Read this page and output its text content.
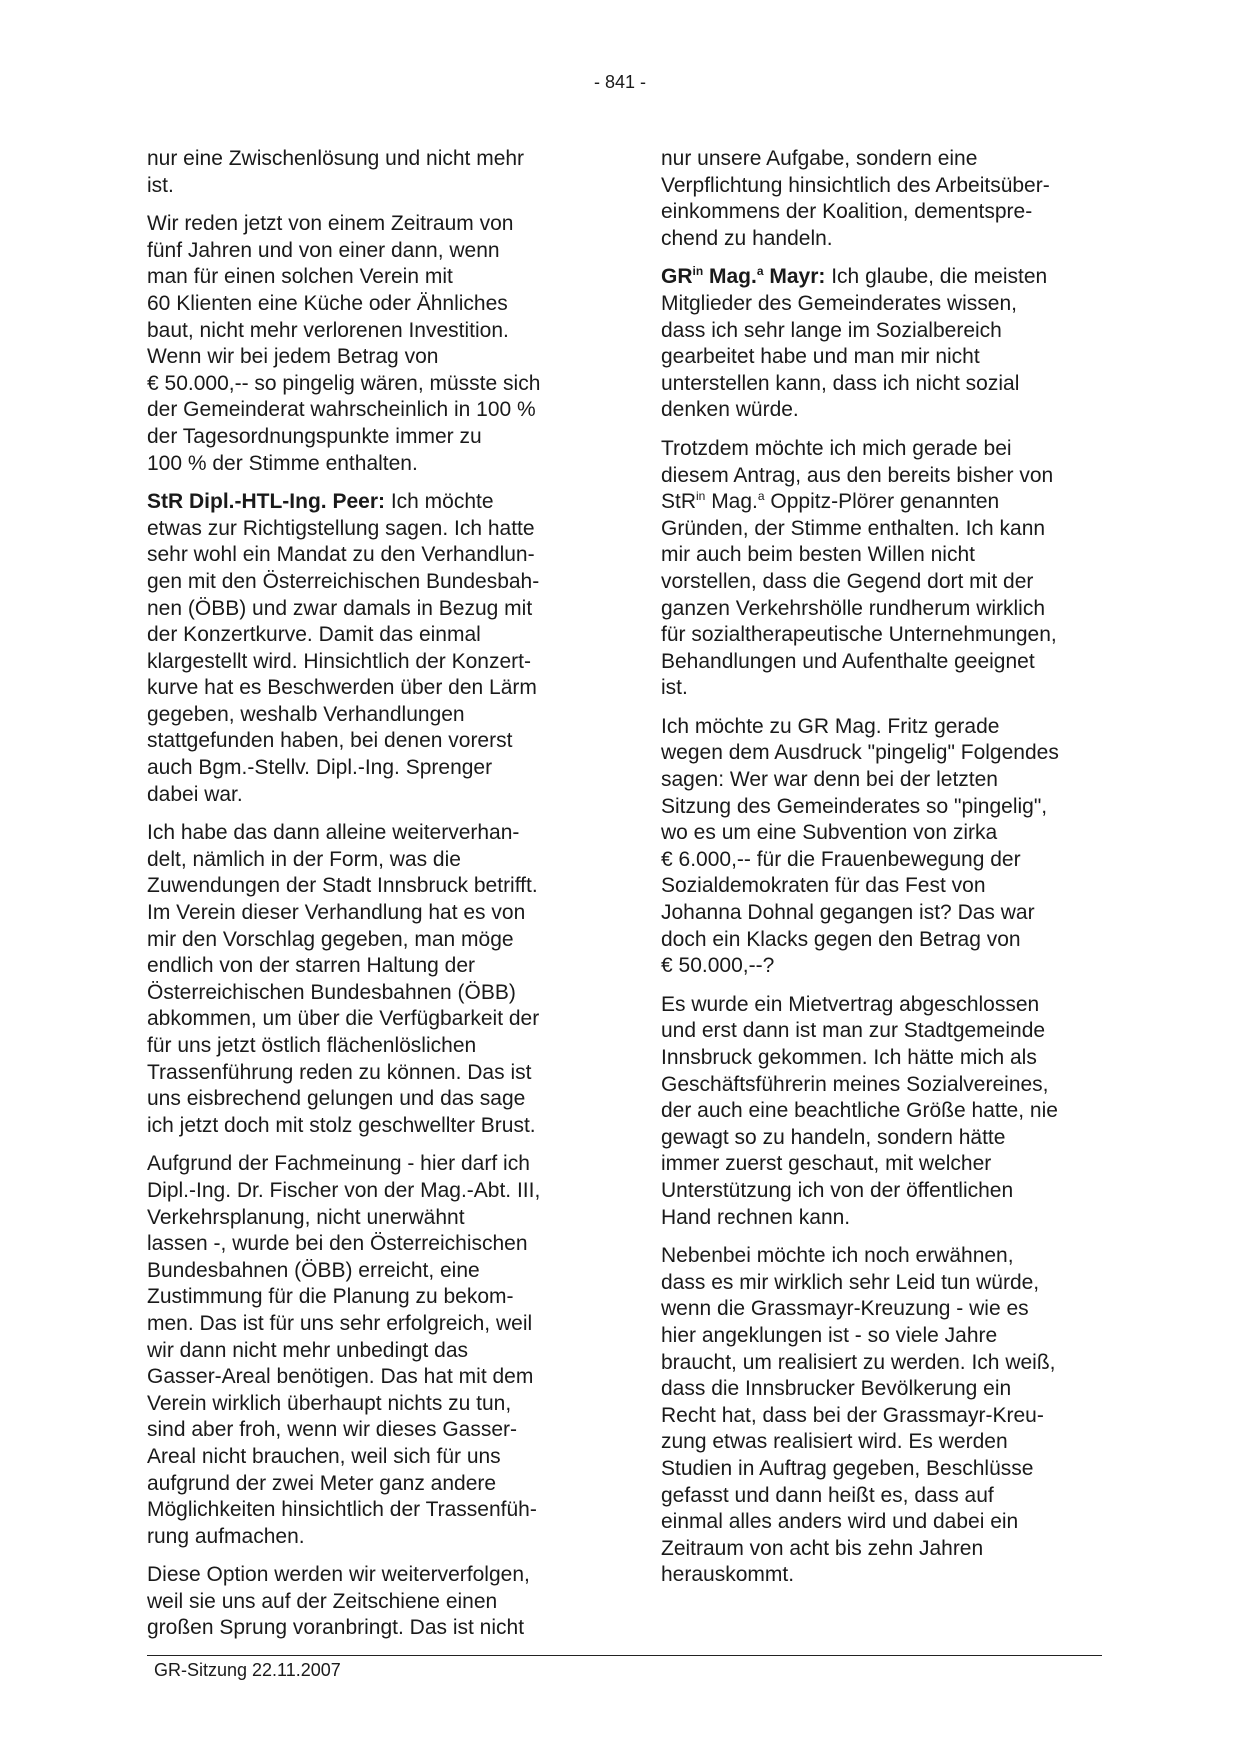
- 841 -

nur eine Zwischenlösung und nicht mehr
ist.

Wir reden jetzt von einem Zeitraum von
fünf Jahren und von einer dann, wenn
man für einen solchen Verein mit
60 Klienten eine Küche oder Ähnliches
baut, nicht mehr verlorenen Investition.
Wenn wir bei jedem Betrag von
€ 50.000,-- so pingelig wären, müsste sich
der Gemeinderat wahrscheinlich in 100 %
der Tagesordnungspunkte immer zu
100 % der Stimme enthalten.

StR Dipl.-HTL-Ing. Peer: Ich möchte
etwas zur Richtigstellung sagen. Ich hatte
sehr wohl ein Mandat zu den Verhandlun-
gen mit den Österreichischen Bundesbah-
nen (ÖBB) und zwar damals in Bezug mit
der Konzertkurve. Damit das einmal
klargestellt wird. Hinsichtlich der Konzert-
kurve hat es Beschwerden über den Lärm
gegeben, weshalb Verhandlungen
stattgefunden haben, bei denen vorerst
auch Bgm.-Stellv. Dipl.-Ing. Sprenger
dabei war.

Ich habe das dann alleine weiterverhan-
delt, nämlich in der Form, was die
Zuwendungen der Stadt Innsbruck betrifft.
Im Verein dieser Verhandlung hat es von
mir den Vorschlag gegeben, man möge
endlich von der starren Haltung der
Österreichischen Bundesbahnen (ÖBB)
abkommen, um über die Verfügbarkeit der
für uns jetzt östlich flächenlöslichen
Trassenführung reden zu können. Das ist
uns eisbrechend gelungen und das sage
ich jetzt doch mit stolz geschwellter Brust.

Aufgrund der Fachmeinung - hier darf ich
Dipl.-Ing. Dr. Fischer von der Mag.-Abt. III,
Verkehrsplanung, nicht unerwähnt
lassen -, wurde bei den Österreichischen
Bundesbahnen (ÖBB) erreicht, eine
Zustimmung für die Planung zu bekom-
men. Das ist für uns sehr erfolgreich, weil
wir dann nicht mehr unbedingt das
Gasser-Areal benötigen. Das hat mit dem
Verein wirklich überhaupt nichts zu tun,
sind aber froh, wenn wir dieses Gasser-
Areal nicht brauchen, weil sich für uns
aufgrund der zwei Meter ganz andere
Möglichkeiten hinsichtlich der Trassenfüh-
rung aufmachen.

Diese Option werden wir weiterverfolgen,
weil sie uns auf der Zeitschiene einen
großen Sprung voranbringt. Das ist nicht

nur unsere Aufgabe, sondern eine
Verpflichtung hinsichtlich des Arbeitsüber-
einkommens der Koalition, dementspre-
chend zu handeln.

$GR^{in}$ Mag.$^a$ Mayr: Ich glaube, die meisten
Mitglieder des Gemeinderates wissen,
dass ich sehr lange im Sozialbereich
gearbeitet habe und man mir nicht
unterstellen kann, dass ich nicht sozial
denken würde.

Trotzdem möchte ich mich gerade bei
diesem Antrag, aus den bereits bisher von
StR$^{in}$ Mag.$^a$ Oppitz-Plörer genannten
Gründen, der Stimme enthalten. Ich kann
mir auch beim besten Willen nicht
vorstellen, dass die Gegend dort mit der
ganzen Verkehrshölle rundherum wirklich
für sozialtherapeutische Unternehmungen,
Behandlungen und Aufenthalte geeignet
ist.

Ich möchte zu GR Mag. Fritz gerade
wegen dem Ausdruck "pingelig" Folgendes
sagen: Wer war denn bei der letzten
Sitzung des Gemeinderates so "pingelig",
wo es um eine Subvention von zirka
€ 6.000,-- für die Frauenbewegung der
Sozialdemokraten für das Fest von
Johanna Dohnal gegangen ist? Das war
doch ein Klacks gegen den Betrag von
€ 50.000,--?

Es wurde ein Mietvertrag abgeschlossen
und erst dann ist man zur Stadtgemeinde
Innsbruck gekommen. Ich hätte mich als
Geschäftsführerin meines Sozialvereines,
der auch eine beachtliche Größe hatte, nie
gewagt so zu handeln, sondern hätte
immer zuerst geschaut, mit welcher
Unterstützung ich von der öffentlichen
Hand rechnen kann.

Nebenbei möchte ich noch erwähnen,
dass es mir wirklich sehr Leid tun würde,
wenn die Grassmayr-Kreuzung - wie es
hier angeklungen ist - so viele Jahre
braucht, um realisiert zu werden. Ich weiß,
dass die Innsbrucker Bevölkerung ein
Recht hat, dass bei der Grassmayr-Kreu-
zung etwas realisiert wird. Es werden
Studien in Auftrag gegeben, Beschlüsse
gefasst und dann heißt es, dass auf
einmal alles anders wird und dabei ein
Zeitraum von acht bis zehn Jahren
herauskommt.

GR-Sitzung 22.11.2007
